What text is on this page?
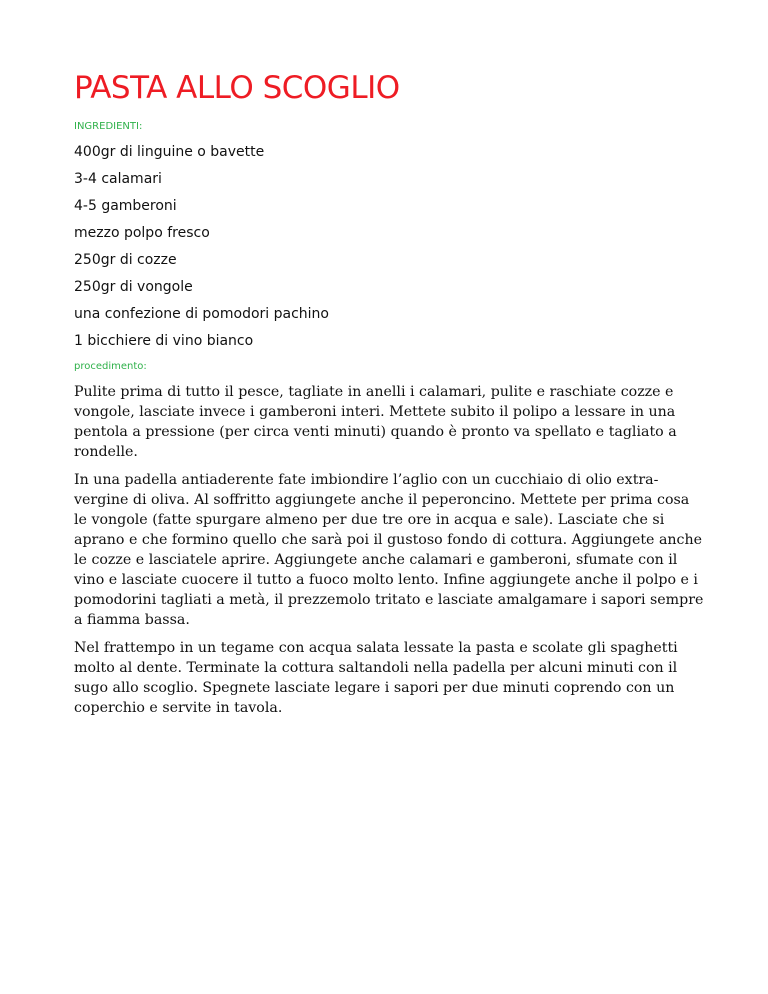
PASTA ALLO SCOGLIO
INGREDIENTI:
400gr di linguine o bavette
3-4 calamari
4-5 gamberoni
mezzo polpo fresco
250gr di cozze
250gr di vongole
una confezione di pomodori pachino
1 bicchiere di vino bianco
procedimento:

Pulite prima di tutto il pesce, tagliate in anelli i calamari, pulite e raschiate cozze e vongole, lasciate invece i gamberoni interi. Mettete subito il polipo a lessare in una pentola a pressione (per circa venti minuti) quando è pronto va spellato e tagliato a rondelle.

In una padella antiaderente fate imbiondire l’aglio con un cucchiaio di olio extra-vergine di oliva. Al soffritto aggiungete anche il peperoncino. Mettete per prima cosa le vongole (fatte spurgare almeno per due tre ore in acqua e sale). Lasciate che si aprano e che formino quello che sarà poi il gustoso fondo di cottura. Aggiungete anche le cozze e lasciatele aprire. Aggiungete anche calamari e gamberoni, sfumate con il vino e lasciate cuocere il tutto a fuoco molto lento. Infine aggiungete anche il polpo e i pomodorini tagliati a metà, il prezzemolo tritato e lasciate amalgamare i sapori sempre a fiamma bassa.

Nel frattempo in un tegame con acqua salata lessate la pasta e scolate gli spaghetti molto al dente. Terminate la cottura saltandoli nella padella per alcuni minuti con il sugo allo scoglio. Spegnete lasciate legare i sapori per due minuti coprendo con un coperchio e servite in tavola.
